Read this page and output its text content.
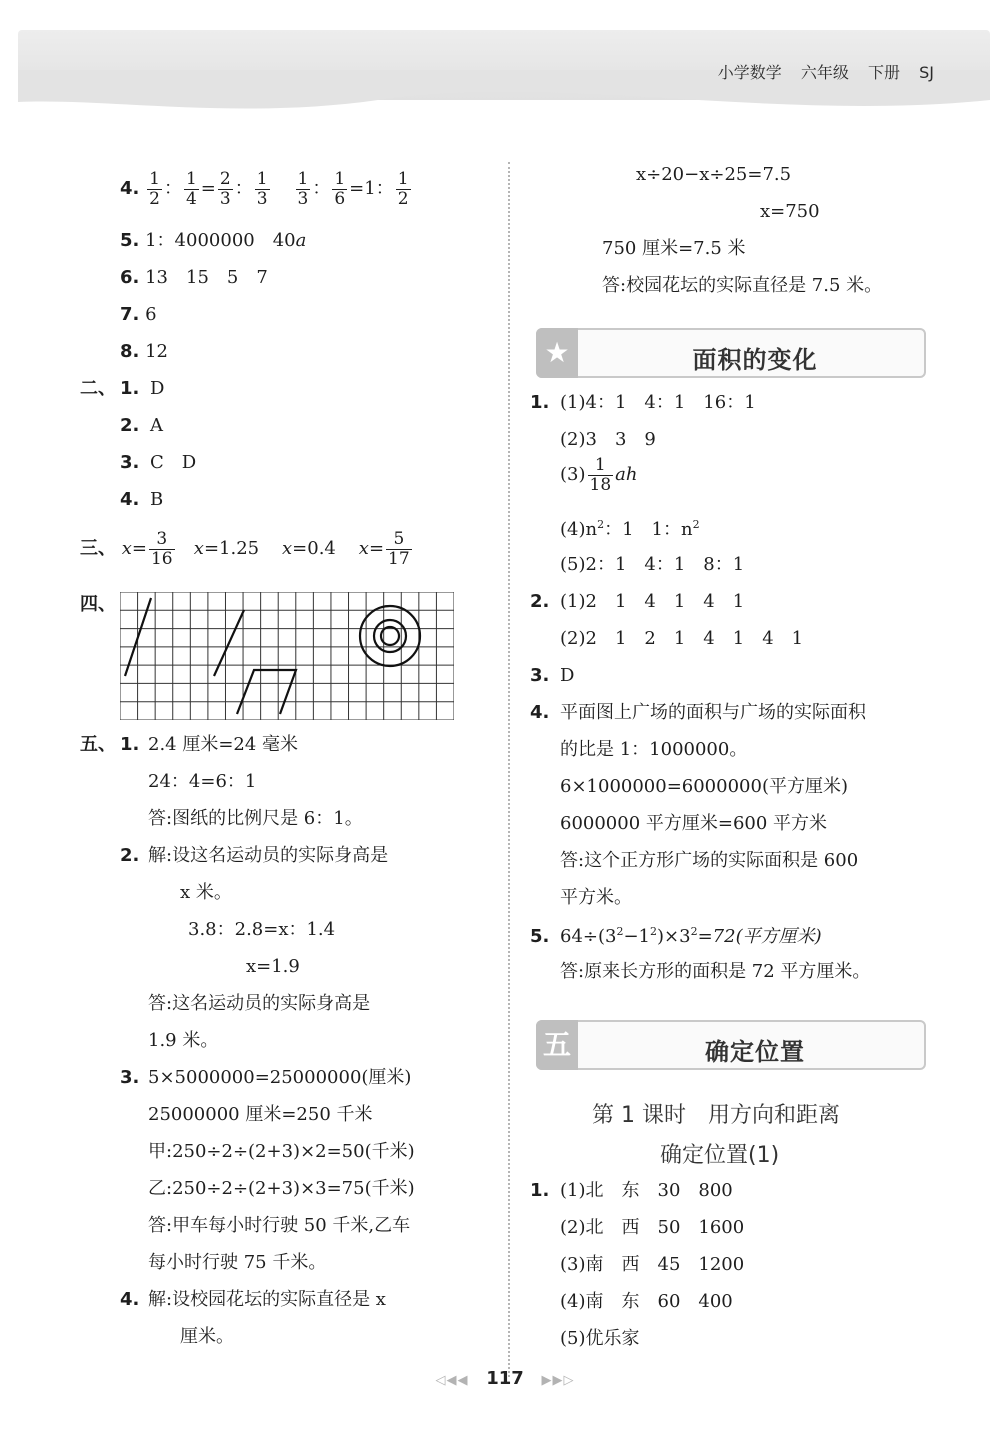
小学数学 六年级 下册 SJ
4. $\frac{1}{2}$ ： $\frac{1}{4} = \frac{2}{3}$ ： $\frac{1}{3} \frac{1}{3}$ ： $\frac{1}{6} =1$： $\frac{1}{2}$
5. 1：4000000　40a
6. 13　15　5　7
7. 6
8. 12
二、 1. D
2. A
3. C　D
4. B
三、 $x= \frac{3}{16} x=1.25$ x=0.4 $x= \frac{5}{17}$
四、
五、 1. 2.4 厘米=24 毫米
24：4=6：1
答:图纸的比例尺是 6：1。
2. 解:设这名运动员的实际身高是
x 米。
3.8：2.8=x：1.4
x=1.9
答:这名运动员的实际身高是
1.9 米。
3. 5×5000000=25000000(厘米)
25000000 厘米=250 千米
甲:250÷2÷(2+3)×2=50(千米)
乙:250÷2÷(2+3)×3=75(千米)
答:甲车每小时行驶 50 千米,乙车
每小时行驶 75 千米。
4. 解:设校园花坛的实际直径是 x
厘米。
x÷20−x÷25=7.5
x=750
750 厘米=7.5 米
答:校园花坛的实际直径是 7.5 米。
★	面积的变化
1. (1)4：1　4：1　16：1
(2)3　3　9
$(3) \frac{1}{18}$ ah
$(4)n^2$：1　1：$n^2$
(5)2：1　4：1　8：1
2. (1)2　1　4　1　4　1
(2)2　1　2　1　4　1　4　1
3. D
4. 平面图上广场的面积与广场的实际面积
的比是 1：1000000。
6×1000000=6000000(平方厘米)
6000000 平方厘米=600 平方米
答:这个正方形广场的实际面积是 600
平方米。
5. $64\div(3^2-1^2)\times 3^2=72$(平方厘米)
答:原来长方形的面积是 72 平方厘米。
五	确定位置
第 1 课时　用方向和距离
确定位置(1)
1. (1)北　东　30　800
(2)北　西　50　1600
(3)南　西　45　1200
(4)南　东　60　400
(5)优乐家
◁◀◀ 117 ▶▶▷
